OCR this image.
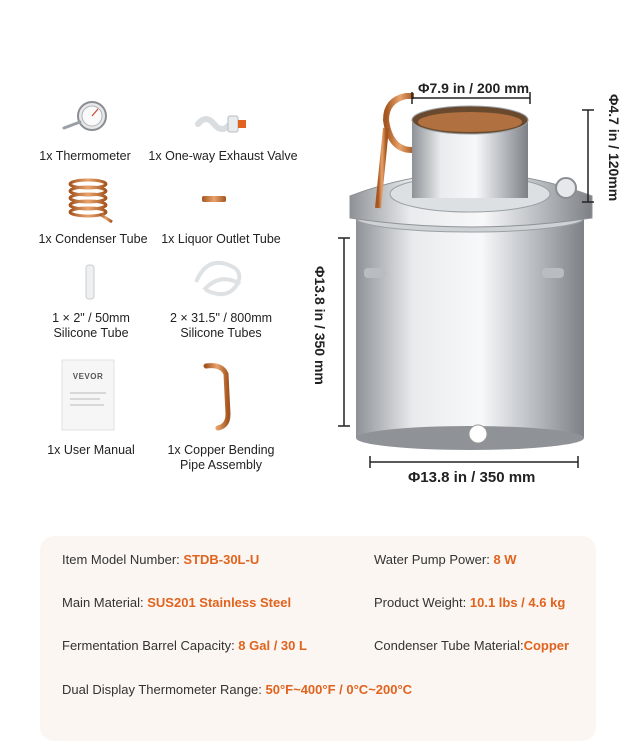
VEVOR
1x Thermometer	1x One-way Exhaust Valve
1x Condenser Tube	1x Liquor Outlet Tube
1 × 2" / 50mm
Silicone Tube
2 × 31.5" / 800mm
Silicone Tubes
1x User Manual	1x Copper Bending
Pipe Assembly
Φ7.9 in / 200 mm
Φ4.7 in / 120mm
Φ13.8 in / 350 mm
Φ13.8 in / 350 mm
Item Model Number: STDB-30L-U	Water Pump Power: 8 W
Main Material: SUS201 Stainless Steel	Product Weight: 10.1 lbs / 4.6 kg
Fermentation Barrel Capacity: 8 Gal / 30 L	Condenser Tube Material:Copper
Dual Display Thermometer Range: 50°F~400°F / 0°C~200°C
